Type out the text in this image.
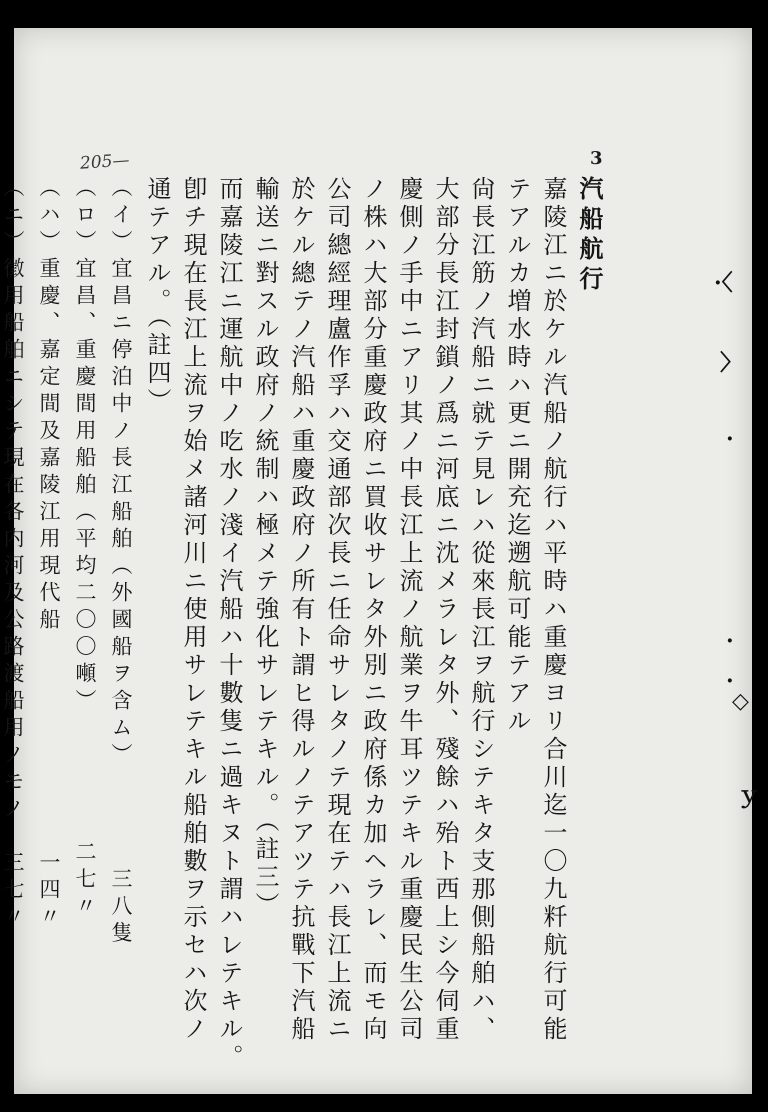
3
205—
汽船航行
嘉陵江ニ於ケル汽船ノ航行ハ平時ハ重慶ヨリ合川迄一〇九粁航行可能
テアルカ増水時ハ更ニ開充迄遡航可能テアル
尙長江筋ノ汽船ニ就テ見レハ從來長江ヲ航行シテキタ支那側船舶ハ、
大部分長江封鎖ノ爲ニ河底ニ沈メラレタ外、殘餘ハ殆ト西上シ今伺重
慶側ノ手中ニアリ其ノ中長江上流ノ航業ヲ牛耳ツテキル重慶民生公司
ノ株ハ大部分重慶政府ニ買收サレタ外別ニ政府係カ加ヘラレ、而モ向
公司總經理盧作孚ハ交通部次長ニ任命サレタノテ現在テハ長江上流ニ
於ケル總テノ汽船ハ重慶政府ノ所有ト謂ヒ得ルノテアツテ抗戰下汽船
輸送ニ對スル政府ノ統制ハ極メテ強化サレテキル。（註三）
而嘉陵江ニ運航中ノ吃水ノ淺イ汽船ハ十數隻ニ過キヌト謂ハレテキル。
卽チ現在長江上流ヲ始メ諸河川ニ使用サレテキル船舶數ヲ示セハ次ノ
通テアル。（註四）
（イ）宜昌ニ停泊中ノ長江船舶（外國船ヲ含ム）　　　　三八隻
（ロ）宜昌、重慶間用船舶（平均二〇〇噸）　　　　　二七〃
（ハ）重慶、嘉定間及嘉陵江用現代船　　　　　　　　一四〃
（ニ）徵用船舶ニシテ現在各内河及公路渡船用ノモノ　三七〃	·〈
〉
·
·
·
◇
ｙ
